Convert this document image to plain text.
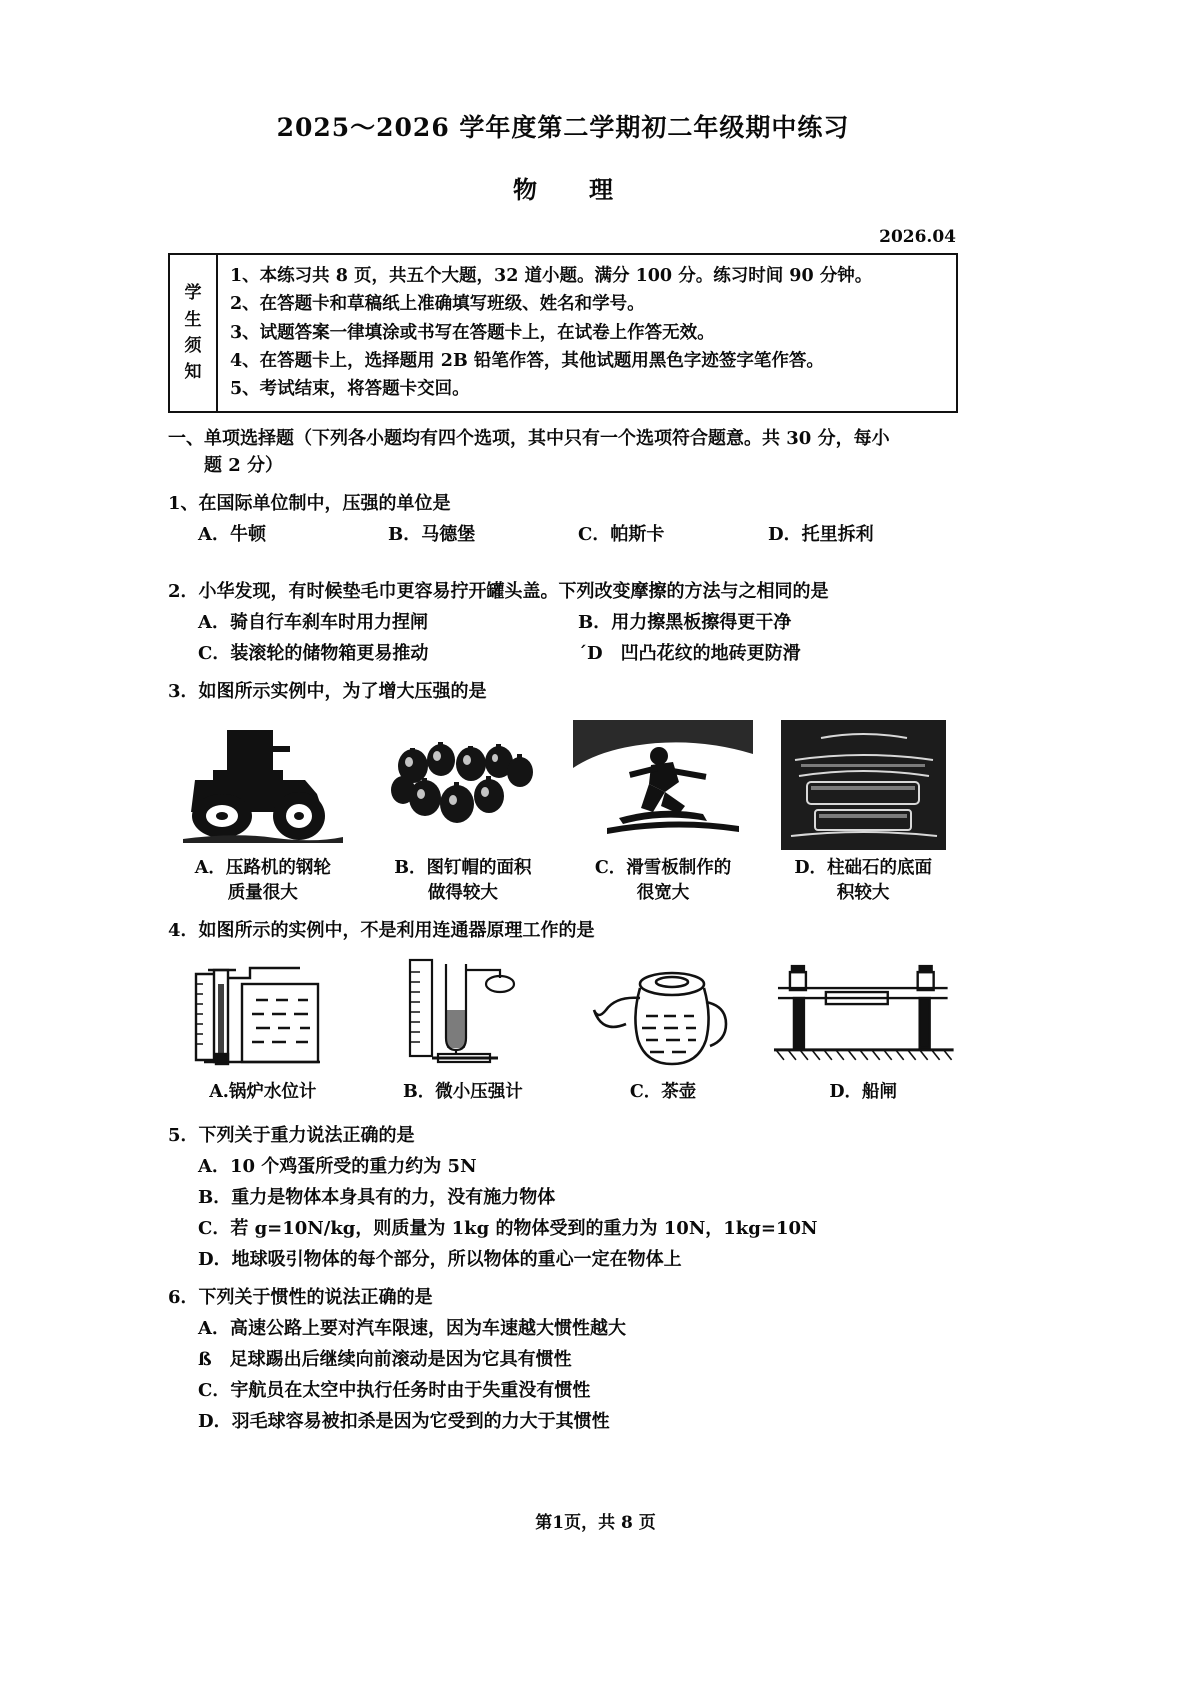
2025～2026 学年度第二学期初二年级期中练习
物　理
2026.04
学
生
须
知
1、本练习共 8 页，共五个大题，32 道小题。满分 100 分。练习时间 90 分钟。
2、在答题卡和草稿纸上准确填写班级、姓名和学号。
3、试题答案一律填涂或书写在答题卡上，在试卷上作答无效。
4、在答题卡上，选择题用 2B 铅笔作答，其他试题用黑色字迹签字笔作答。
5、考试结束，将答题卡交回。
一、单项选择题（下列各小题均有四个选项，其中只有一个选项符合题意。共 30 分，每小
题 2 分）
1、在国际单位制中，压强的单位是
A．牛顿	B．马德堡	C．帕斯卡	D．托里拆利
2．小华发现，有时候垫毛巾更容易拧开罐头盖。下列改变摩擦的方法与之相同的是
A．骑自行车刹车时用力捏闸	B．用力擦黑板擦得更干净
C．装滚轮的储物箱更易推动	´D　凹凸花纹的地砖更防滑
3．如图所示实例中，为了增大压强的是
A．压路机的钢轮
质量很大
B．图钉帽的面积
做得较大
C．滑雪板制作的
很宽大
D．柱础石的底面
积较大
4．如图所示的实例中，不是利用连通器原理工作的是
A.锅炉水位计	B．微小压强计	C．茶壶	D．船闸
5．下列关于重力说法正确的是
A．10 个鸡蛋所受的重力约为 5N
B．重力是物体本身具有的力，没有施力物体
C．若 g=10N/kg，则质量为 1kg 的物体受到的重力为 10N，1kg=10N
D．地球吸引物体的每个部分，所以物体的重心一定在物体上
6．下列关于惯性的说法正确的是
A．高速公路上要对汽车限速，因为车速越大惯性越大
ß　足球踢出后继续向前滚动是因为它具有惯性
C．宇航员在太空中执行任务时由于失重没有惯性
D．羽毛球容易被扣杀是因为它受到的力大于其惯性
第1页，共 8 页
